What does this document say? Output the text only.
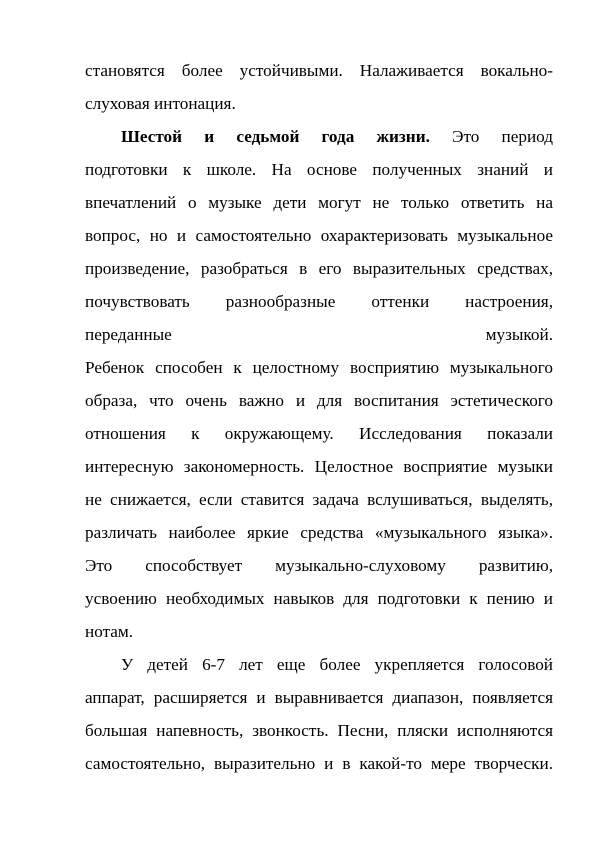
становятся более устойчивыми. Налаживается вокально-
слуховая интонация.
Шестой и седьмой года жизни. Это период
подготовки к школе. На основе полученных знаний и
впечатлений о музыке дети могут не только ответить на
вопрос, но и самостоятельно охарактеризовать музыкальное
произведение, разобраться в его выразительных средствах,
почувствовать разнообразные оттенки настроения,
переданные музыкой.
Ребенок способен к целостному восприятию музыкального
образа, что очень важно и для воспитания эстетического
отношения к окружающему. Исследования показали
интересную закономерность. Целостное восприятие музыки
не снижается, если ставится задача вслушиваться, выделять,
различать наиболее яркие средства «музыкального языка».
Это способствует музыкально-слуховому развитию,
усвоению необходимых навыков для подготовки к пению и
нотам.
У детей 6-7 лет еще более укрепляется голосовой
аппарат, расширяется и выравнивается диапазон, появляется
большая напевность, звонкость. Песни, пляски исполняются
самостоятельно, выразительно и в какой-то мере творчески.
